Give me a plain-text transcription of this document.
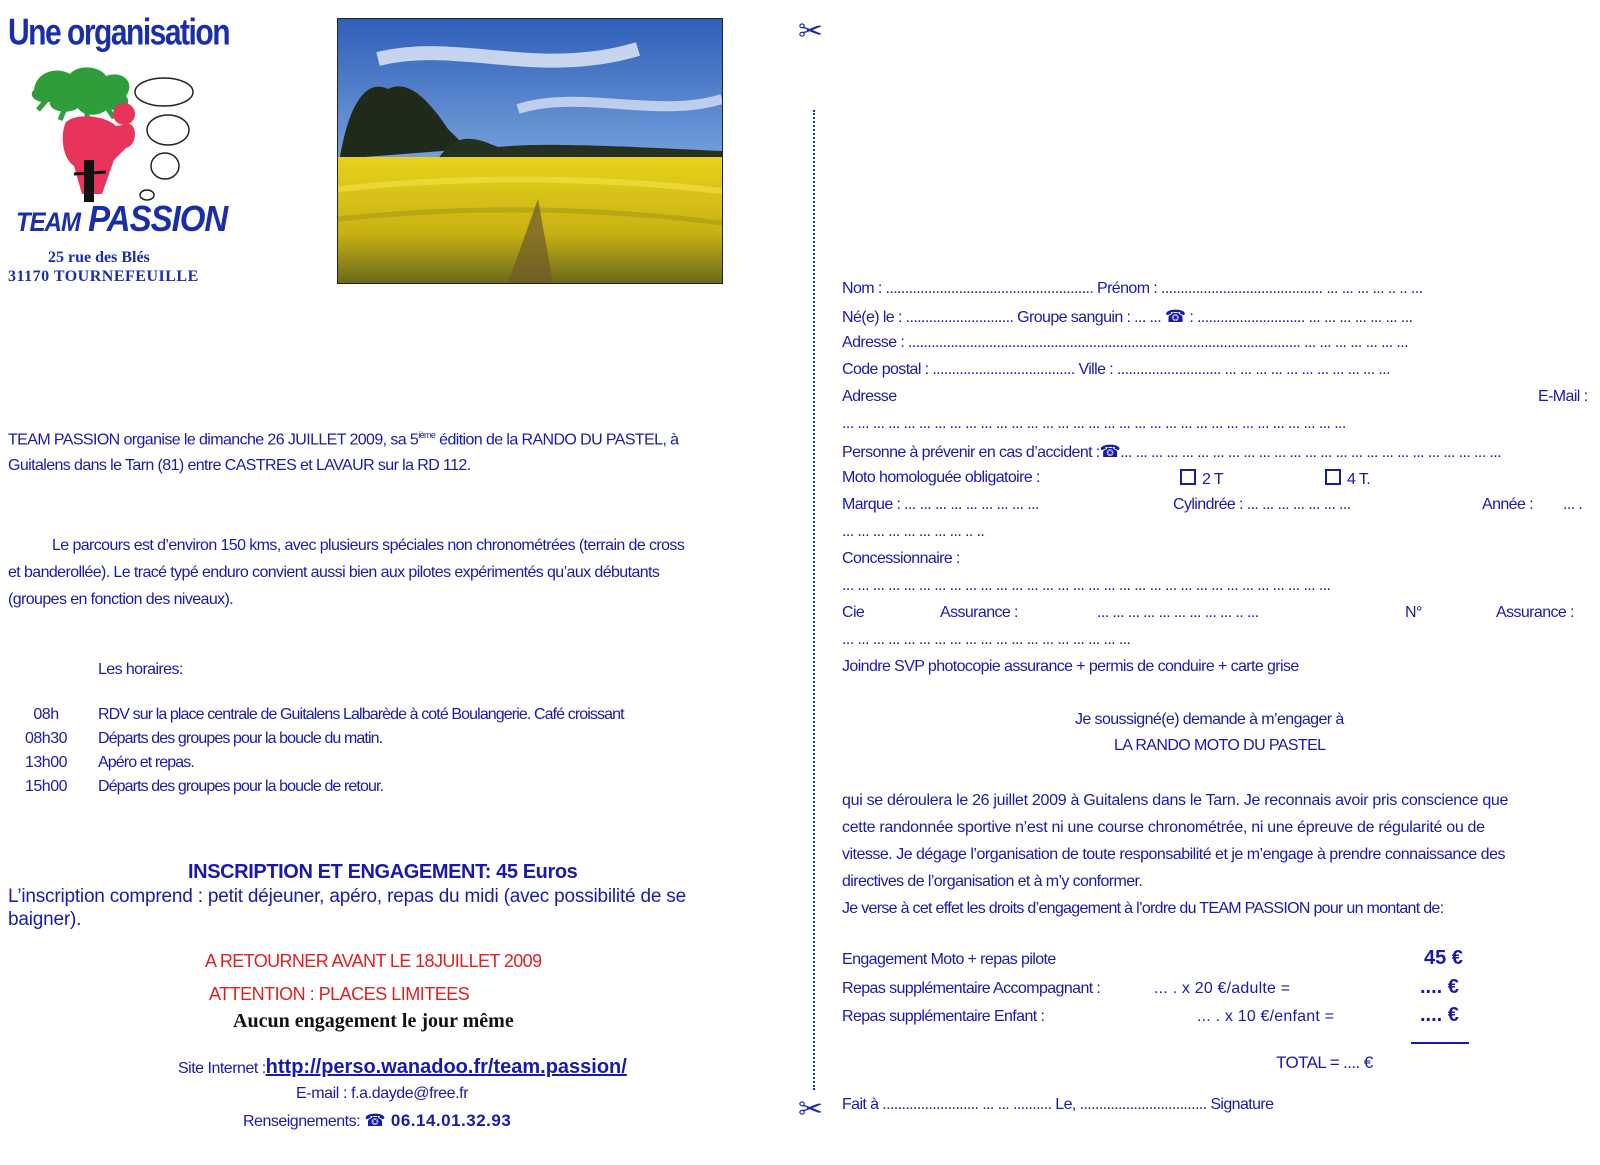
Une organisation
TEAM PASSION
25 rue des Blés
31170 TOURNEFEUILLE
TEAM PASSION organise le dimanche 26 JUILLET 2009, sa 5ième édition de la RANDO DU PASTEL, à
Guitalens dans le Tarn (81) entre CASTRES et LAVAUR sur la RD 112.
Le parcours est d’environ 150 kms, avec plusieurs spéciales non chronométrées (terrain de cross
et banderollée). Le tracé typé enduro convient aussi bien aux pilotes expérimentés qu’aux débutants
(groupes en fonction des niveaux).
Les horaires:
08h	RDV sur la place centrale de Guitalens Lalbarède à coté Boulangerie. Café croissant
08h30	Départs des groupes pour la boucle du matin.
13h00	Apéro et repas.
15h00	Départs des groupes pour la boucle de retour.
INSCRIPTION ET ENGAGEMENT: 45 Euros
L’inscription comprend : petit déjeuner, apéro, repas du midi (avec possibilité de se
baigner).
A RETOURNER AVANT LE 18JUILLET 2009
ATTENTION : PLACES LIMITEES
Aucun engagement le jour même
Site Internet :http://perso.wanadoo.fr/team.passion/
E-mail : f.a.dayde@free.fr
Renseignements: ☎ 06.14.01.32.93
✂
✂
Nom : ...................................................... Prénom : .......................................... ... ... ... ... .. .. ...
Né(e) le : ............................ Groupe sanguin : ... ... ☎ : ............................ ... ... ... ... ... ... ...
Adresse : ...................................................................................................... ... ... ... ... ... ... ...
Code postal : ..................................... Ville : ........................... ... ... ... ... ... ... ... ... ... ... ...
Adresse	E-Mail :
... ... ... ... ... ... ... ... ... ... ... ... ... ... ... ... ... ... ... ... ... ... ... ... ... ... ... ... ... ... ... ... ...
Personne à prévenir en cas d’accident :☎... ... ... ... ... ... ... ... ... ... ... ... ... ... ... ... ... ... ... ... ... ... ... ... ...
Moto homologuée obligatoire :	2 T	4 T.
Marque : ... ... ... ... ... ... ... ... ...	Cylindrée : ... ... ... ... ... ... ...	Année : ... .
... ... ... ... ... ... ... ... .. ..
Concessionnaire :
... ... ... ... ... ... ... ... ... ... ... ... ... ... ... ... ... ... ... ... ... ... ... ... ... ... ... ... ... ... ... ...
Cie	Assurance :	... ... ... ... ... ... ... ... ... .. ...	N°	Assurance :
... ... ... ... ... ... ... ... ... ... ... ... ... ... ... ... ... ... ...
Joindre SVP photocopie assurance + permis de conduire + carte grise
Je soussigné(e) demande à m’engager à
LA RANDO MOTO DU PASTEL
qui se déroulera le 26 juillet 2009 à Guitalens dans le Tarn. Je reconnais avoir pris conscience que
cette randonnée sportive n’est ni une course chronométrée, ni une épreuve de régularité ou de
vitesse. Je dégage l’organisation de toute responsabilité et je m’engage à prendre connaissance des
directives de l’organisation et à m’y conformer.
Je verse à cet effet les droits d’engagement à l’ordre du TEAM PASSION pour un montant de:
Engagement Moto + repas pilote	45 €
Repas supplémentaire Accompagnant :	... . x 20 €/adulte =	.... €
Repas supplémentaire Enfant :	... . x 10 €/enfant =	.... €
TOTAL = .... €
Fait à ......................... ... ... .......... Le, ................................. Signature
